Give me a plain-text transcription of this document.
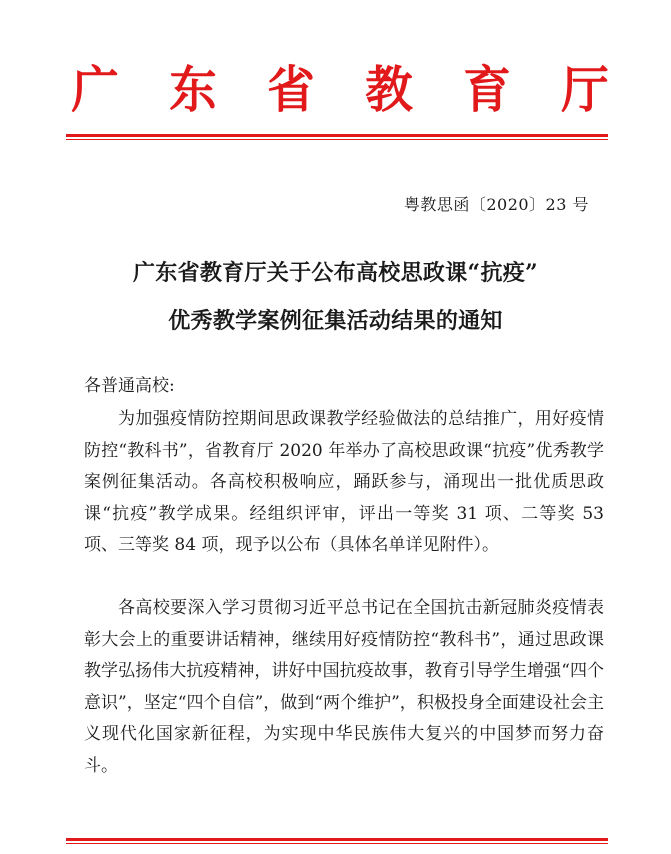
广 东 省 教 育 厅
粤教思函〔2020〕23 号
广东省教育厅关于公布高校思政课“抗疫”
优秀教学案例征集活动结果的通知
各普通高校:
为加强疫情防控期间思政课教学经验做法的总结推广，用好疫情防控“教科书”，省教育厅 2020 年举办了高校思政课“抗疫”优秀教学案例征集活动。各高校积极响应，踊跃参与，涌现出一批优质思政课“抗疫”教学成果。经组织评审，评出一等奖 31 项、二等奖 53 项、三等奖 84 项，现予以公布（具体名单详见附件）。
各高校要深入学习贯彻习近平总书记在全国抗击新冠肺炎疫情表彰大会上的重要讲话精神，继续用好疫情防控“教科书”，通过思政课教学弘扬伟大抗疫精神，讲好中国抗疫故事，教育引导学生增强“四个意识”，坚定“四个自信”，做到“两个维护”，积极投身全面建设社会主义现代化国家新征程，为实现中华民族伟大复兴的中国梦而努力奋斗。
